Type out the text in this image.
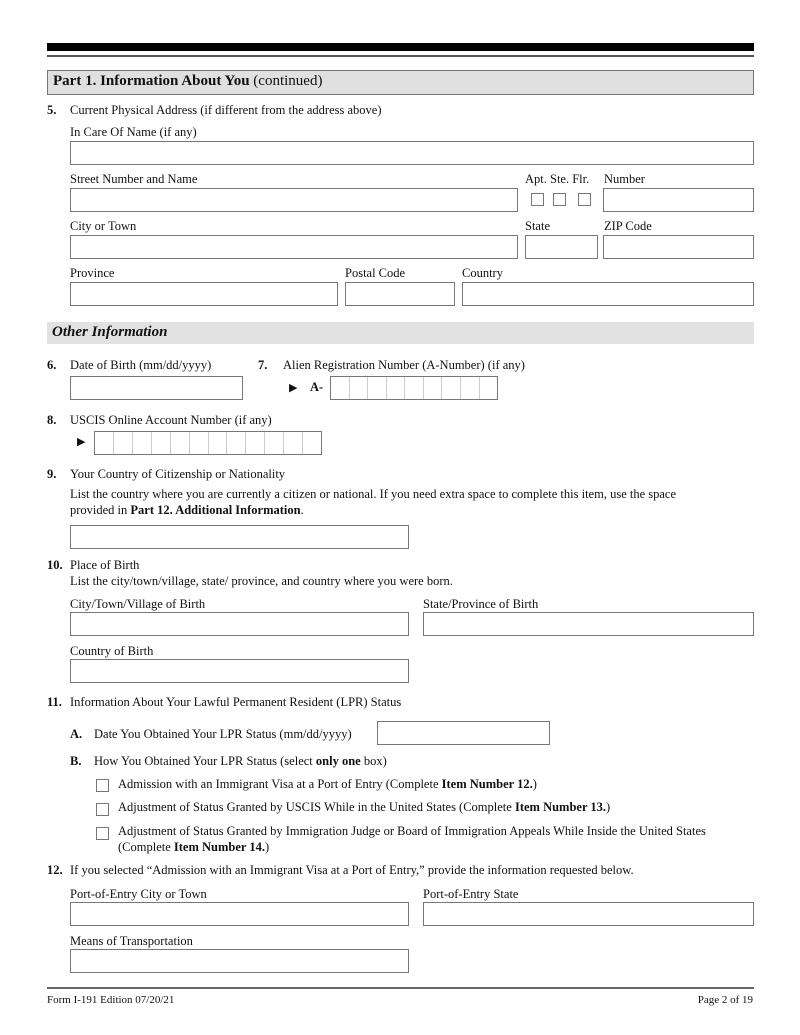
Part 1. Information About You (continued)
5. Current Physical Address (if different from the address above)
In Care Of Name (if any)
Street Number and Name	Apt. Ste. Flr. Number
City or Town	State	ZIP Code
Province	Postal Code	Country
Other Information
6. Date of Birth (mm/dd/yyyy)	7. Alien Registration Number (A-Number) (if any)
▶ A-
8. USCIS Online Account Number (if any)
▶
9. Your Country of Citizenship or Nationality
List the country where you are currently a citizen or national. If you need extra space to complete this item, use the space
provided in Part 12. Additional Information.
10. Place of Birth
List the city/town/village, state/ province, and country where you were born.
City/Town/Village of Birth	State/Province of Birth
Country of Birth
11. Information About Your Lawful Permanent Resident (LPR) Status
A. Date You Obtained Your LPR Status (mm/dd/yyyy)
B. How You Obtained Your LPR Status (select only one box)
Admission with an Immigrant Visa at a Port of Entry (Complete Item Number 12.)
Adjustment of Status Granted by USCIS While in the United States (Complete Item Number 13.)
Adjustment of Status Granted by Immigration Judge or Board of Immigration Appeals While Inside the United States
(Complete Item Number 14.)
12. If you selected “Admission with an Immigrant Visa at a Port of Entry,” provide the information requested below.
Port-of-Entry City or Town	Port-of-Entry State
Means of Transportation
Form I-191 Edition 07/20/21	Page 2 of 19
